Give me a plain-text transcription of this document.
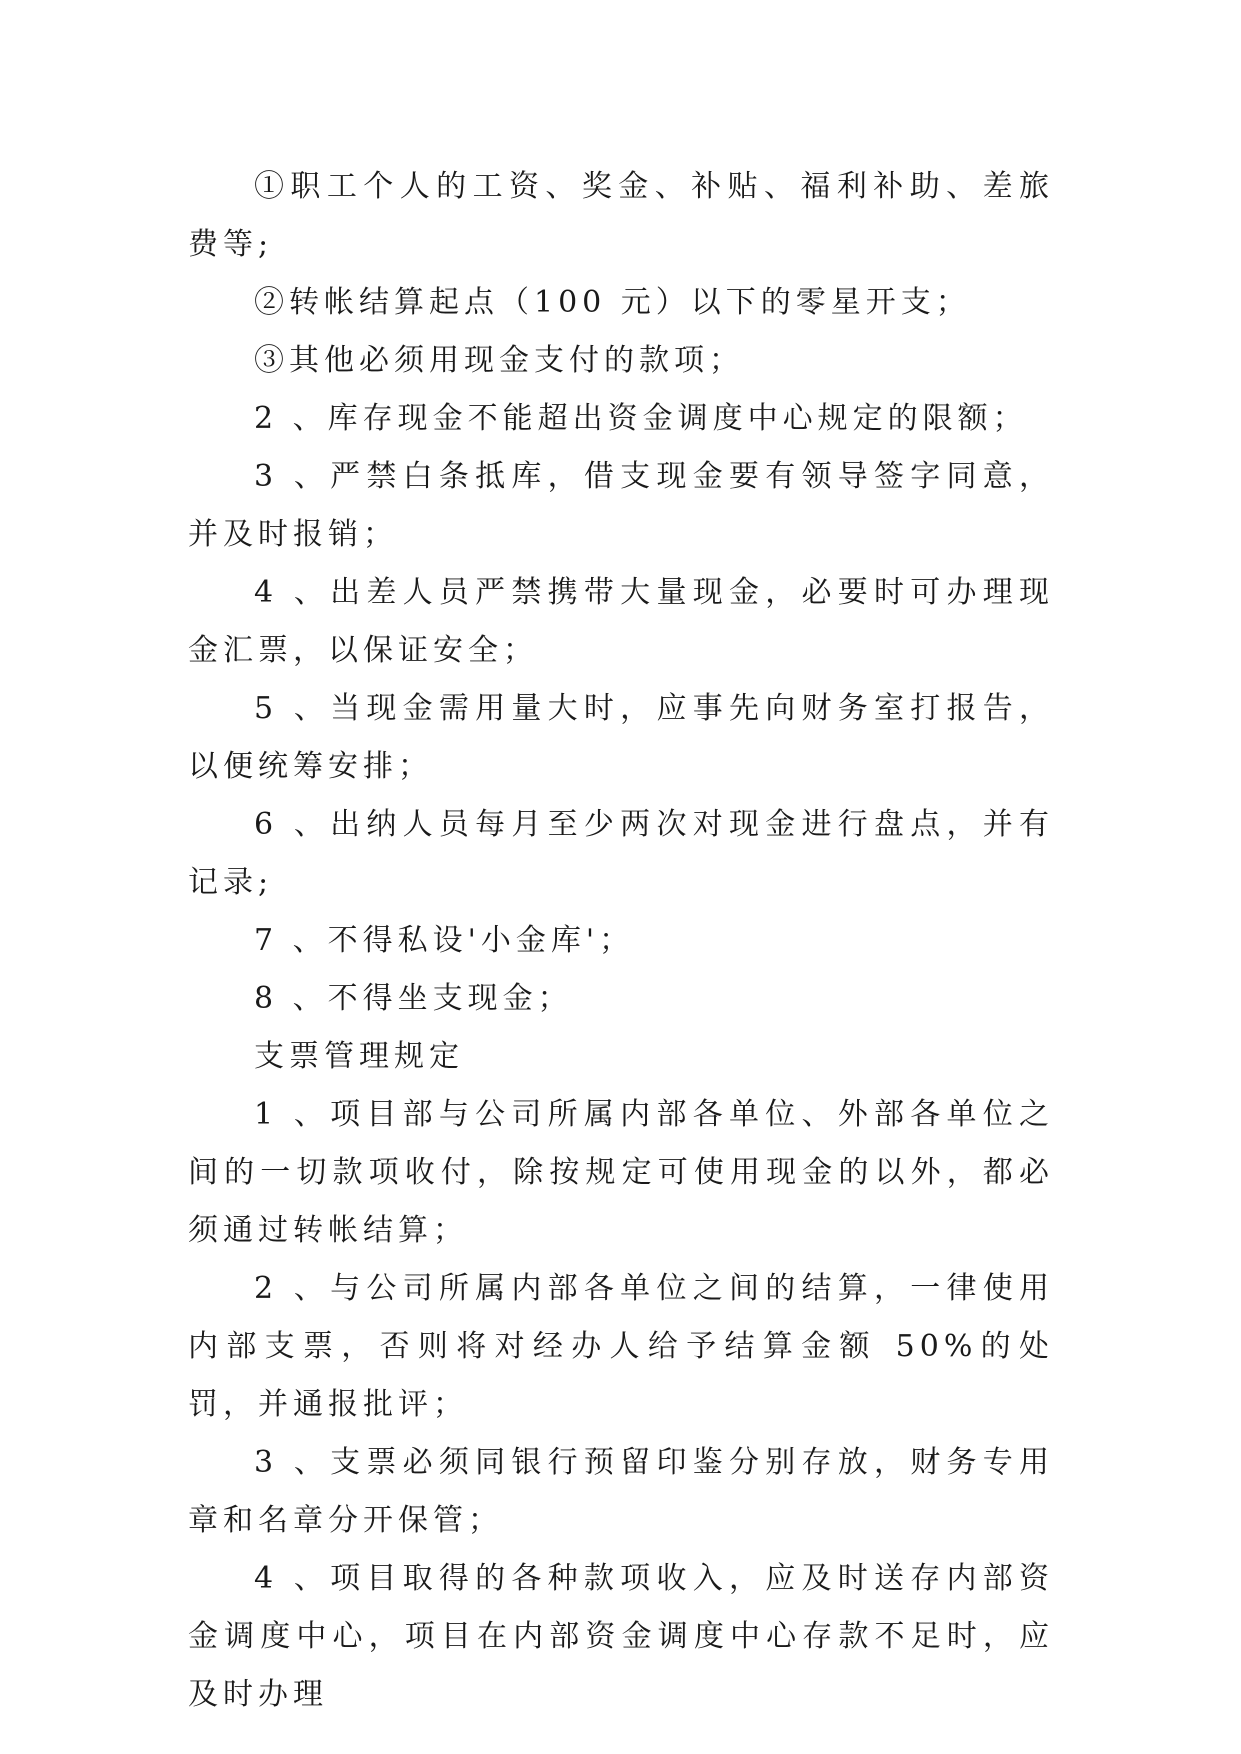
①职工个人的工资、奖金、补贴、福利补助、差旅费等;

②转帐结算起点（100 元）以下的零星开支；

③其他必须用现金支付的款项；

2 、库存现金不能超出资金调度中心规定的限额；

3 、严禁白条抵库，借支现金要有领导签字同意，并及时报销；

4 、出差人员严禁携带大量现金，必要时可办理现金汇票，以保证安全；

5 、当现金需用量大时，应事先向财务室打报告，以便统筹安排；

6 、出纳人员每月至少两次对现金进行盘点，并有记录;

7 、不得私设'小金库'；

8 、不得坐支现金；

支票管理规定

1 、项目部与公司所属内部各单位、外部各单位之间的一切款项收付，除按规定可使用现金的以外，都必须通过转帐结算；

2 、与公司所属内部各单位之间的结算，一律使用内部支票，否则将对经办人给予结算金额 50%的处罚，并通报批评；

3 、支票必须同银行预留印鉴分别存放，财务专用章和名章分开保管；

4 、项目取得的各种款项收入，应及时送存内部资金调度中心，项目在内部资金调度中心存款不足时，应及时办理
